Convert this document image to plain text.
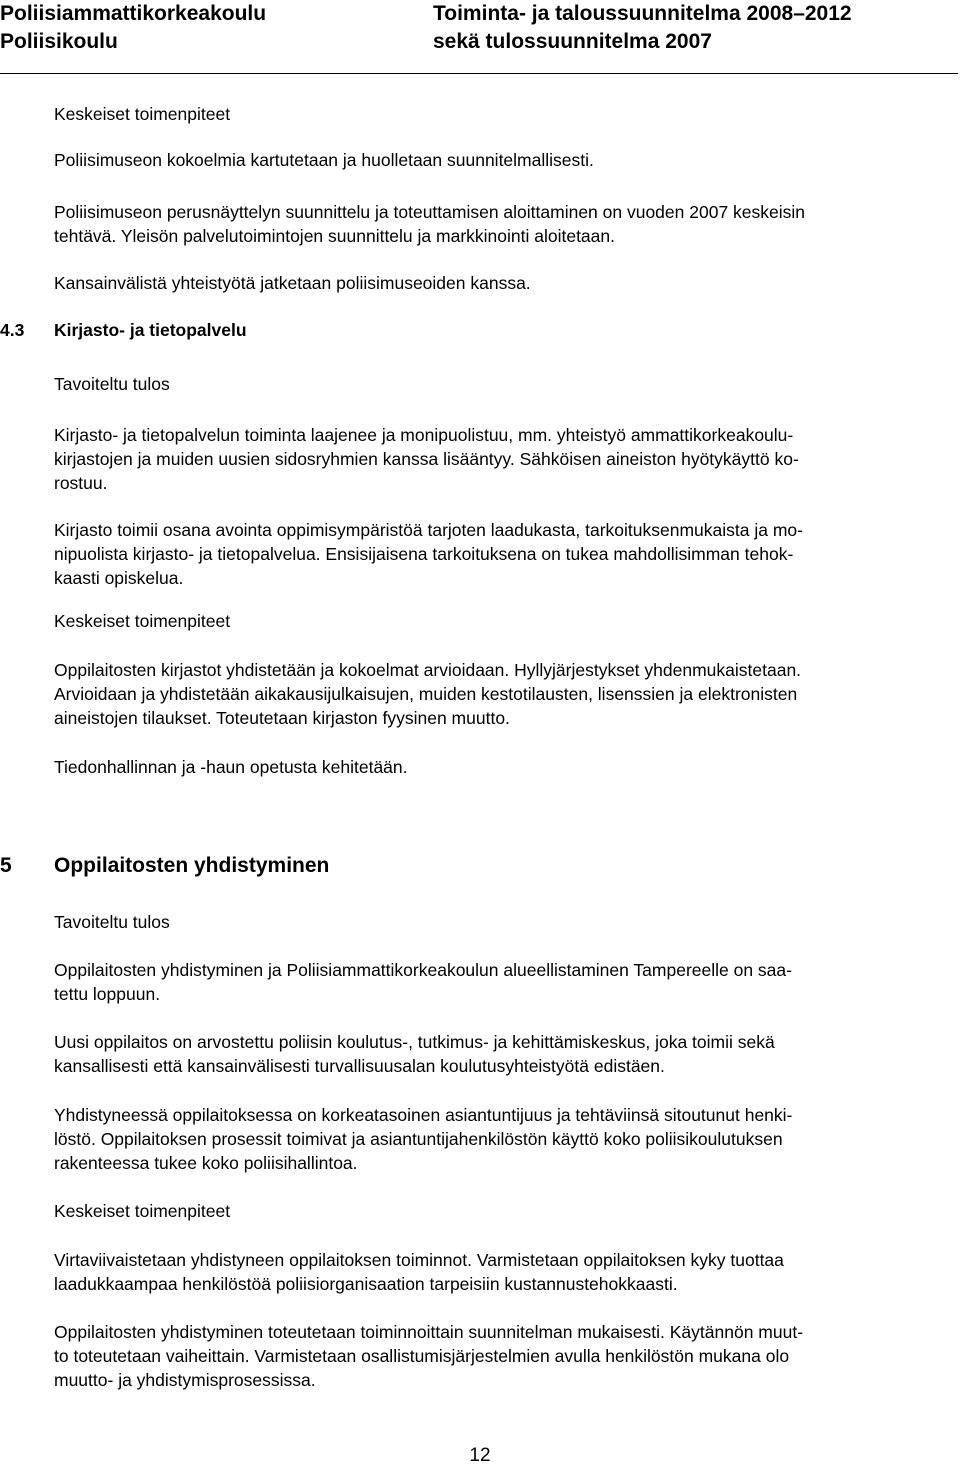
Poliisiammattikorkeakoulu
Poliisikoulu
Toiminta- ja taloussuunnitelma 2008–2012
sekä tulossuunnitelma 2007
Keskeiset toimenpiteet
Poliisimuseon kokoelmia kartutetaan ja huolletaan suunnitelmallisesti.
Poliisimuseon perusnäyttelyn suunnittelu ja toteuttamisen aloittaminen on vuoden 2007 keskeisin
tehtävä. Yleisön palvelutoimintojen suunnittelu ja markkinointi aloitetaan.
Kansainvälistä yhteistyötä jatketaan poliisimuseoiden kanssa.
4.3 Kirjasto- ja tietopalvelu
Tavoiteltu tulos
Kirjasto- ja tietopalvelun toiminta laajenee ja monipuolistuu, mm. yhteistyö ammattikorkeakoulu-
kirjastojen ja muiden uusien sidosryhmien kanssa lisääntyy. Sähköisen aineiston hyötykäyttö ko-
rostuu.
Kirjasto toimii osana avointa oppimisympäristöä tarjoten laadukasta, tarkoituksenmukaista ja mo-
nipuolista kirjasto- ja tietopalvelua. Ensisijaisena tarkoituksena on tukea mahdollisimman tehok-
kaasti opiskelua.
Keskeiset toimenpiteet
Oppilaitosten kirjastot yhdistetään ja kokoelmat arvioidaan. Hyllyjärjestykset yhdenmukaistetaan.
Arvioidaan ja yhdistetään aikakausijulkaisujen, muiden kestotilausten, lisenssien ja elektronisten
aineistojen tilaukset. Toteutetaan kirjaston fyysinen muutto.
Tiedonhallinnan ja -haun opetusta kehitetään.
5 Oppilaitosten yhdistyminen
Tavoiteltu tulos
Oppilaitosten yhdistyminen ja Poliisiammattikorkeakoulun alueellistaminen Tampereelle on saa-
tettu loppuun.
Uusi oppilaitos on arvostettu poliisin koulutus-, tutkimus- ja kehittämiskeskus, joka toimii sekä
kansallisesti että kansainvälisesti turvallisuusalan koulutusyhteistyötä edistäen.
Yhdistyneessä oppilaitoksessa on korkeatasoinen asiantuntijuus ja tehtäviinsä sitoutunut henki-
löstö. Oppilaitoksen prosessit toimivat ja asiantuntijahenkilöstön käyttö koko poliisikoulutuksen
rakenteessa tukee koko poliisihallintoa.
Keskeiset toimenpiteet
Virtaviivaistetaan yhdistyneen oppilaitoksen toiminnot. Varmistetaan oppilaitoksen kyky tuottaa
laadukkaampaa henkilöstöä poliisiorganisaation tarpeisiin kustannustehokkaasti.
Oppilaitosten yhdistyminen toteutetaan toiminnoittain suunnitelman mukaisesti. Käytännön muut-
to toteutetaan vaiheittain. Varmistetaan osallistumisjärjestelmien avulla henkilöstön mukana olo
muutto- ja yhdistymisprosessissa.
12
